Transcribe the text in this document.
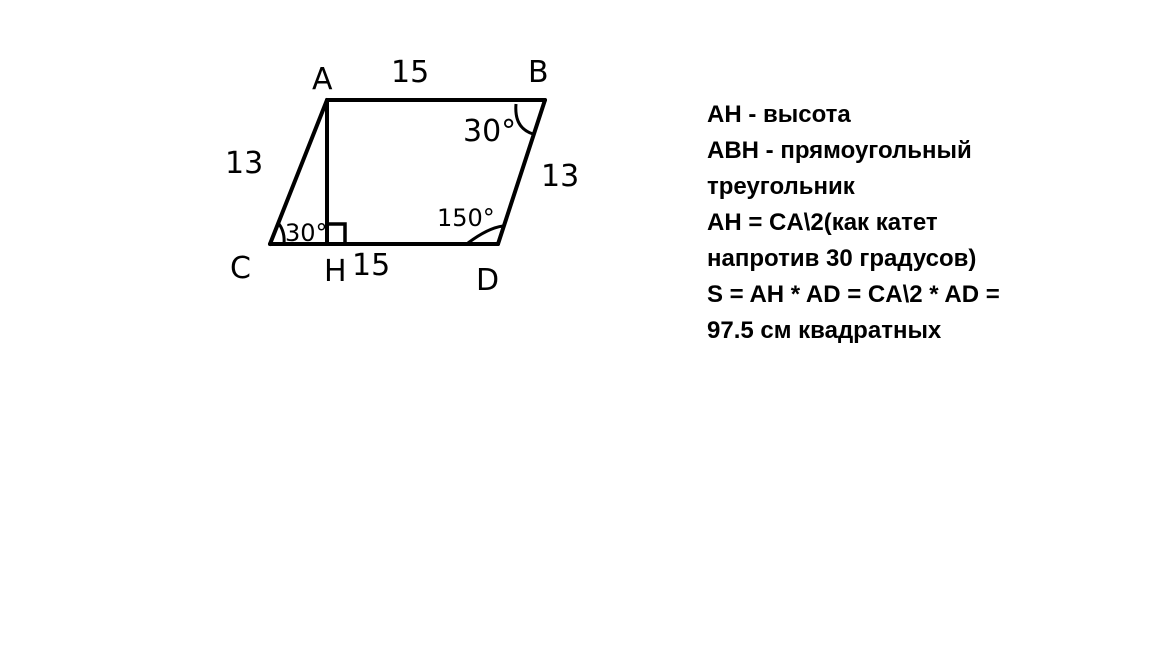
A	B
C	D
H
15
13	13
15
30°
30°
150°
AH - высота
ABH - прямоугольный
треугольник
AH = CA\2(как катет
напротив 30 градусов)
S = AH * AD = CA\2 * AD =
97.5 см квадратных
